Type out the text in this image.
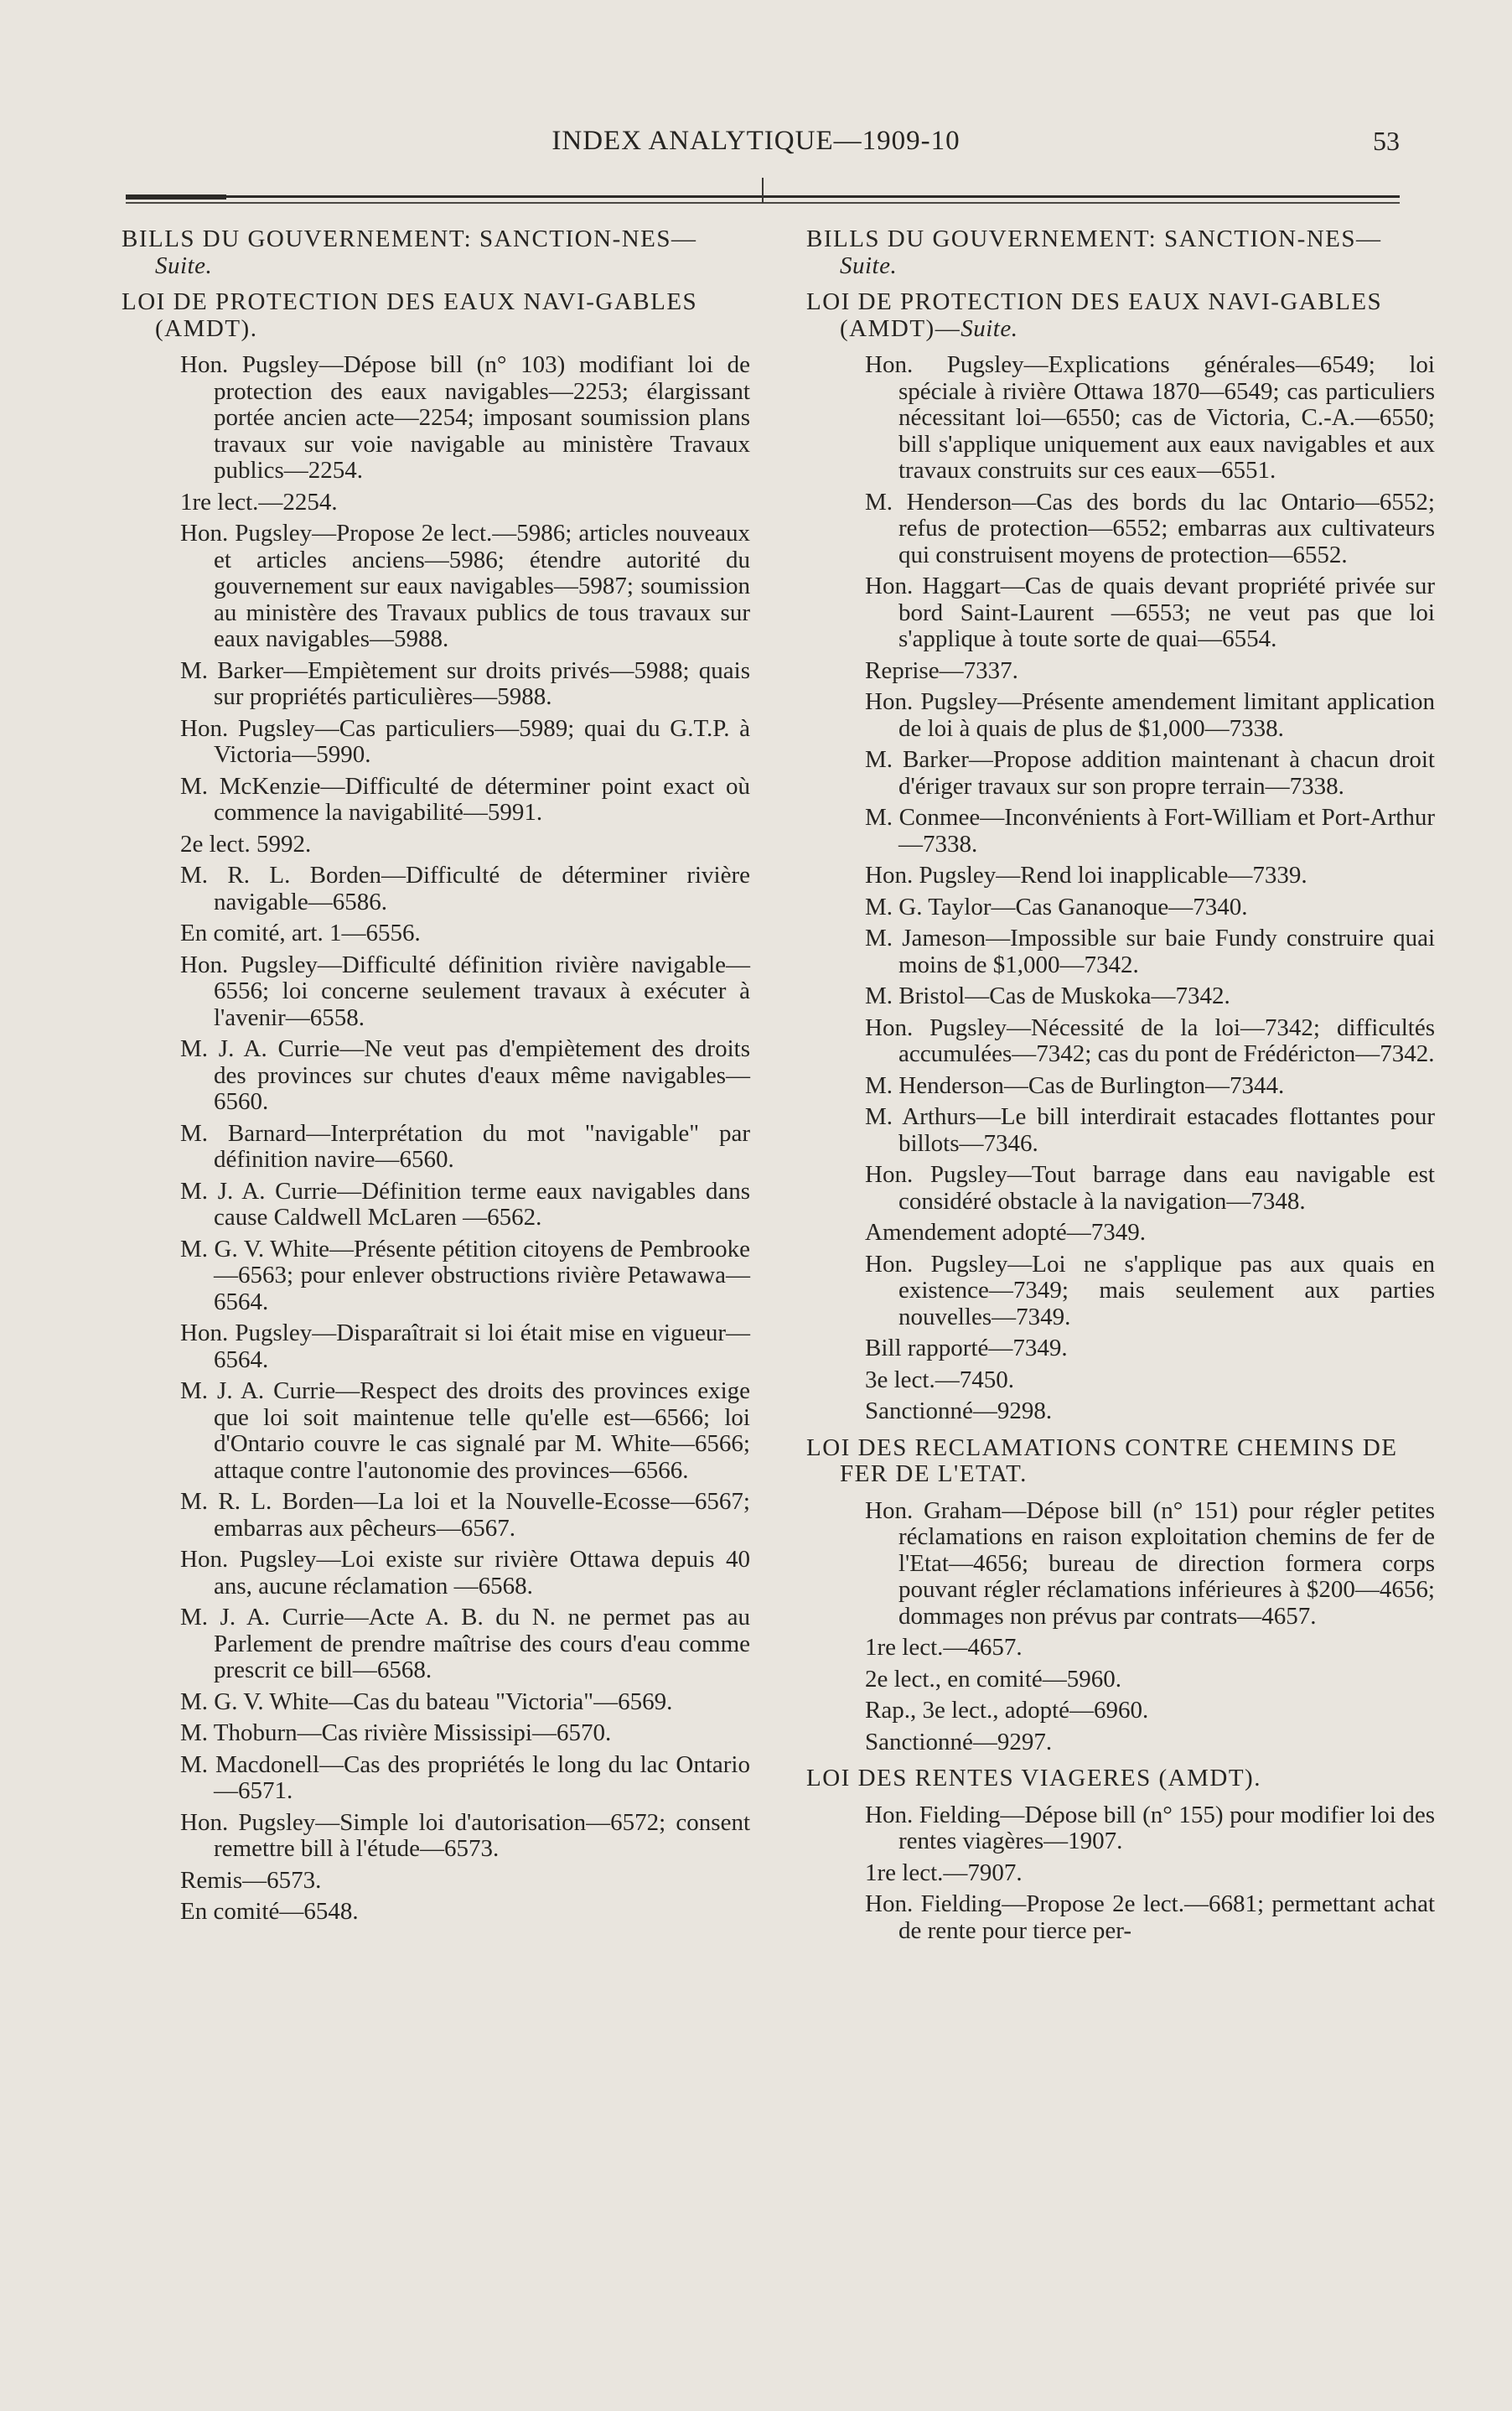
INDEX ANALYTIQUE—1909-10	53
BILLS DU GOUVERNEMENT: SANCTION-NES—Suite.
LOI DE PROTECTION DES EAUX NAVI-GABLES (AMDT).
Hon. Pugsley—Dépose bill (n° 103) modifiant loi de protection des eaux navigables—2253; élargissant portée ancien acte—2254; imposant soumission plans travaux sur voie navigable au ministère Travaux publics—2254.
1re lect.—2254.
Hon. Pugsley—Propose 2e lect.—5986; articles nouveaux et articles anciens—5986; étendre autorité du gouvernement sur eaux navigables—5987; soumission au ministère des Travaux publics de tous travaux sur eaux navigables—5988.
M. Barker—Empiètement sur droits privés—5988; quais sur propriétés particulières—5988.
Hon. Pugsley—Cas particuliers—5989; quai du G.T.P. à Victoria—5990.
M. McKenzie—Difficulté de déterminer point exact où commence la navigabilité—5991.
2e lect. 5992.
M. R. L. Borden—Difficulté de déterminer rivière navigable—6586.
En comité, art. 1—6556.
Hon. Pugsley—Difficulté définition rivière navigable—6556; loi concerne seulement travaux à exécuter à l'avenir—6558.
M. J. A. Currie—Ne veut pas d'empiètement des droits des provinces sur chutes d'eaux même navigables—6560.
M. Barnard—Interprétation du mot "navigable" par définition navire—6560.
M. J. A. Currie—Définition terme eaux navigables dans cause Caldwell McLaren —6562.
M. G. V. White—Présente pétition citoyens de Pembrooke—6563; pour enlever obstructions rivière Petawawa—6564.
Hon. Pugsley—Disparaîtrait si loi était mise en vigueur—6564.
M. J. A. Currie—Respect des droits des provinces exige que loi soit maintenue telle qu'elle est—6566; loi d'Ontario couvre le cas signalé par M. White—6566; attaque contre l'autonomie des provinces—6566.
M. R. L. Borden—La loi et la Nouvelle-Ecosse—6567; embarras aux pêcheurs—6567.
Hon. Pugsley—Loi existe sur rivière Ottawa depuis 40 ans, aucune réclamation —6568.
M. J. A. Currie—Acte A. B. du N. ne permet pas au Parlement de prendre maîtrise des cours d'eau comme prescrit ce bill—6568.
M. G. V. White—Cas du bateau "Victoria"—6569.
M. Thoburn—Cas rivière Mississipi—6570.
M. Macdonell—Cas des propriétés le long du lac Ontario—6571.
Hon. Pugsley—Simple loi d'autorisation—6572; consent remettre bill à l'étude—6573.
Remis—6573.
En comité—6548.
BILLS DU GOUVERNEMENT: SANCTION-NES—Suite.
LOI DE PROTECTION DES EAUX NAVI-GABLES (AMDT)—Suite.
Hon. Pugsley—Explications générales—6549; loi spéciale à rivière Ottawa 1870—6549; cas particuliers nécessitant loi—6550; cas de Victoria, C.-A.—6550; bill s'applique uniquement aux eaux navigables et aux travaux construits sur ces eaux—6551.
M. Henderson—Cas des bords du lac Ontario—6552; refus de protection—6552; embarras aux cultivateurs qui construisent moyens de protection—6552.
Hon. Haggart—Cas de quais devant propriété privée sur bord Saint-Laurent —6553; ne veut pas que loi s'applique à toute sorte de quai—6554.
Reprise—7337.
Hon. Pugsley—Présente amendement limitant application de loi à quais de plus de $1,000—7338.
M. Barker—Propose addition maintenant à chacun droit d'ériger travaux sur son propre terrain—7338.
M. Conmee—Inconvénients à Fort-William et Port-Arthur—7338.
Hon. Pugsley—Rend loi inapplicable—7339.
M. G. Taylor—Cas Gananoque—7340.
M. Jameson—Impossible sur baie Fundy construire quai moins de $1,000—7342.
M. Bristol—Cas de Muskoka—7342.
Hon. Pugsley—Nécessité de la loi—7342; difficultés accumulées—7342; cas du pont de Frédéricton—7342.
M. Henderson—Cas de Burlington—7344.
M. Arthurs—Le bill interdirait estacades flottantes pour billots—7346.
Hon. Pugsley—Tout barrage dans eau navigable est considéré obstacle à la navigation—7348.
Amendement adopté—7349.
Hon. Pugsley—Loi ne s'applique pas aux quais en existence—7349; mais seulement aux parties nouvelles—7349.
Bill rapporté—7349.
3e lect.—7450.
Sanctionné—9298.
LOI DES RECLAMATIONS CONTRE CHEMINS DE FER DE L'ETAT.
Hon. Graham—Dépose bill (n° 151) pour régler petites réclamations en raison exploitation chemins de fer de l'Etat—4656; bureau de direction formera corps pouvant régler réclamations inférieures à $200—4656; dommages non prévus par contrats—4657.
1re lect.—4657.
2e lect., en comité—5960.
Rap., 3e lect., adopté—6960.
Sanctionné—9297.
LOI DES RENTES VIAGERES (AMDT).
Hon. Fielding—Dépose bill (n° 155) pour modifier loi des rentes viagères—1907.
1re lect.—7907.
Hon. Fielding—Propose 2e lect.—6681; permettant achat de rente pour tierce per-
